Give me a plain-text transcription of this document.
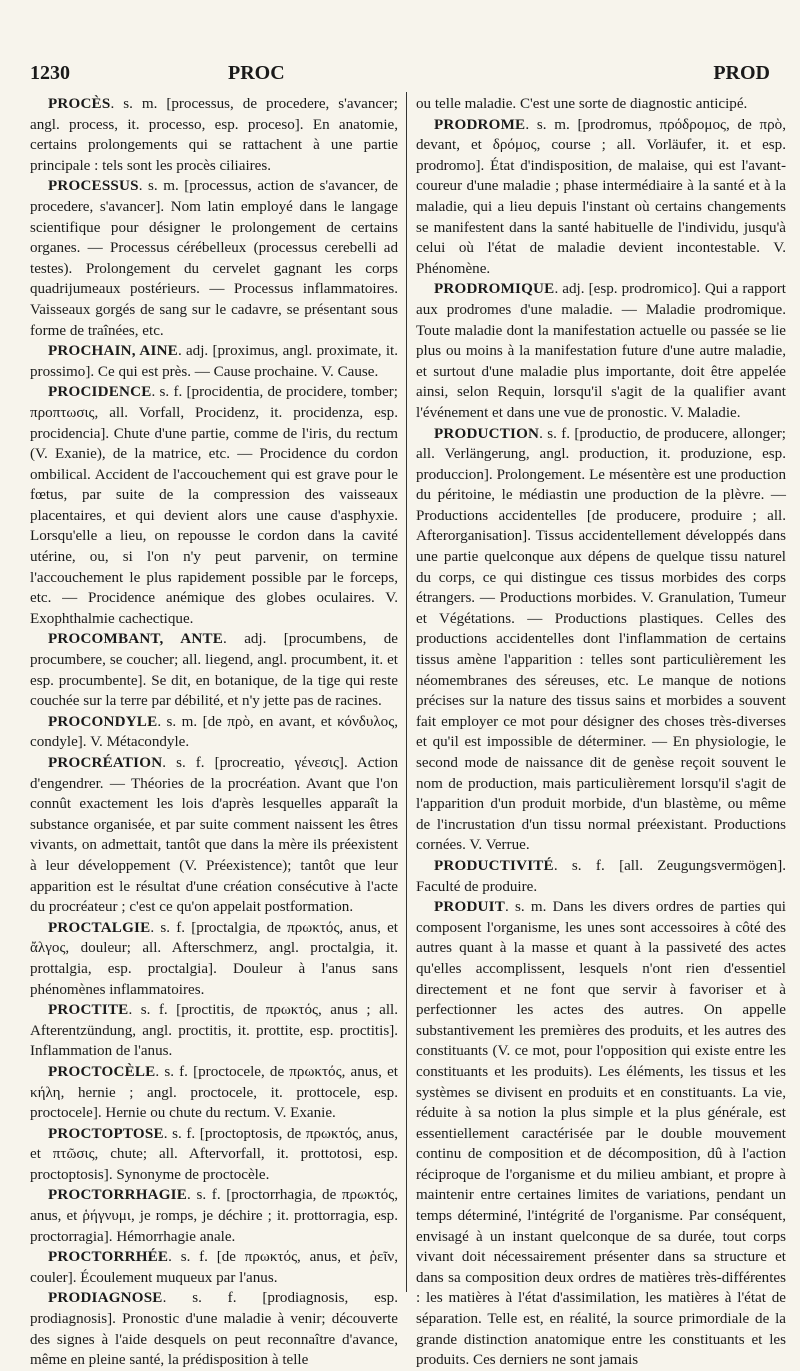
1230	PROC	PROD

PROCÈS. s. m. [processus, de procedere, s'avancer; angl. process, it. processo, esp. proceso]. En anatomie, certains prolongements qui se rattachent à une partie principale : tels sont les procès ciliaires.

PROCESSUS. s. m. [processus, action de s'avancer, de procedere, s'avancer]. Nom latin employé dans le langage scientifique pour désigner le prolongement de certains organes. — Processus cérébelleux (processus cerebelli ad testes). Prolongement du cervelet gagnant les corps quadrijumeaux postérieurs. — Processus inflammatoires. Vaisseaux gorgés de sang sur le cadavre, se présentant sous forme de traînées, etc.

PROCHAIN, AINE. adj. [proximus, angl. proximate, it. prossimo]. Ce qui est près. — Cause prochaine. V. Cause.

PROCIDENCE. s. f. [procidentia, de procidere, tomber; προπτωσις, all. Vorfall, Procidenz, it. procidenza, esp. procidencia]. Chute d'une partie, comme de l'iris, du rectum (V. Exanie), de la matrice, etc. — Procidence du cordon ombilical. Accident de l'accouchement qui est grave pour le fœtus, par suite de la compression des vaisseaux placentaires, et qui devient alors une cause d'asphyxie. Lorsqu'elle a lieu, on repousse le cordon dans la cavité utérine, ou, si l'on n'y peut parvenir, on termine l'accouchement le plus rapidement possible par le forceps, etc. — Procidence anémique des globes oculaires. V. Exophthalmie cachectique.

PROCOMBANT, ANTE. adj. [procumbens, de procumbere, se coucher; all. liegend, angl. procumbent, it. et esp. procumbente]. Se dit, en botanique, de la tige qui reste couchée sur la terre par débilité, et n'y jette pas de racines.

PROCONDYLE. s. m. [de πρὸ, en avant, et κόνδυλος, condyle]. V. Métacondyle.

PROCRÉATION. s. f. [procreatio, γένεσις]. Action d'engendrer. — Théories de la procréation. Avant que l'on connût exactement les lois d'après lesquelles apparaît la substance organisée, et par suite comment naissent les êtres vivants, on admettait, tantôt que dans la mère ils préexistent à leur développement (V. Préexistence); tantôt que leur apparition est le résultat d'une création consécutive à l'acte du procréateur ; c'est ce qu'on appelait postformation.

PROCTALGIE. s. f. [proctalgia, de πρωκτός, anus, et ἄλγος, douleur; all. Afterschmerz, angl. proctalgia, it. prottalgia, esp. proctalgia]. Douleur à l'anus sans phénomènes inflammatoires.

PROCTITE. s. f. [proctitis, de πρωκτός, anus ; all. Afterentzündung, angl. proctitis, it. prottite, esp. proctitis]. Inflammation de l'anus.

PROCTOCÈLE. s. f. [proctocele, de πρωκτός, anus, et κήλη, hernie ; angl. proctocele, it. prottocele, esp. proctocele]. Hernie ou chute du rectum. V. Exanie.

PROCTOPTOSE. s. f. [proctoptosis, de πρωκτός, anus, et πτῶσις, chute; all. Aftervorfall, it. prottotosi, esp. proctoptosis]. Synonyme de proctocèle.

PROCTORRHAGIE. s. f. [proctorrhagia, de πρωκτός, anus, et ῥήγνυμι, je romps, je déchire ; it. prottorragia, esp. proctorragia]. Hémorrhagie anale.

PROCTORRHÉE. s. f. [de πρωκτός, anus, et ῥεῖν, couler]. Écoulement muqueux par l'anus.

PRODIAGNOSE. s. f. [prodiagnosis, esp. prodiagnosis]. Pronostic d'une maladie à venir; découverte des signes à l'aide desquels on peut reconnaître d'avance, même en pleine santé, la prédisposition à telle

ou telle maladie. C'est une sorte de diagnostic anticipé.

PRODROME. s. m. [prodromus, πρόδρομος, de πρὸ, devant, et δρόμος, course ; all. Vorläufer, it. et esp. prodromo]. État d'indisposition, de malaise, qui est l'avant-coureur d'une maladie ; phase intermédiaire à la santé et à la maladie, qui a lieu depuis l'instant où certains changements se manifestent dans la santé habituelle de l'individu, jusqu'à celui où l'état de maladie devient incontestable. V. Phénomène.

PRODROMIQUE. adj. [esp. prodromico]. Qui a rapport aux prodromes d'une maladie. — Maladie prodromique. Toute maladie dont la manifestation actuelle ou passée se lie plus ou moins à la manifestation future d'une autre maladie, et surtout d'une maladie plus importante, doit être appelée ainsi, selon Requin, lorsqu'il s'agit de la qualifier avant l'événement et dans une vue de pronostic. V. Maladie.

PRODUCTION. s. f. [productio, de producere, allonger; all. Verlängerung, angl. production, it. produzione, esp. produccion]. Prolongement. Le mésentère est une production du péritoine, le médiastin une production de la plèvre. — Productions accidentelles [de producere, produire ; all. Afterorganisation]. Tissus accidentellement développés dans une partie quelconque aux dépens de quelque tissu naturel du corps, ce qui distingue ces tissus morbides des corps étrangers. — Productions morbides. V. Granulation, Tumeur et Végétations. — Productions plastiques. Celles des productions accidentelles dont l'inflammation de certains tissus amène l'apparition : telles sont particulièrement les néomembranes des séreuses, etc. Le manque de notions précises sur la nature des tissus sains et morbides a souvent fait employer ce mot pour désigner des choses très-diverses et qu'il est impossible de déterminer. — En physiologie, le second mode de naissance dit de genèse reçoit souvent le nom de production, mais particulièrement lorsqu'il s'agit de l'apparition d'un produit morbide, d'un blastème, ou même de l'incrustation d'un tissu normal préexistant. Productions cornées. V. Verrue.

PRODUCTIVITÉ. s. f. [all. Zeugungsvermögen]. Faculté de produire.

PRODUIT. s. m. Dans les divers ordres de parties qui composent l'organisme, les unes sont accessoires à côté des autres quant à la masse et quant à la passiveté des actes qu'elles accomplissent, lesquels n'ont rien d'essentiel directement et ne font que servir à favoriser et à perfectionner les actes des autres. On appelle substantivement les premières des produits, et les autres des constituants (V. ce mot, pour l'opposition qui existe entre les constituants et les produits). Les éléments, les tissus et les systèmes se divisent en produits et en constituants. La vie, réduite à sa notion la plus simple et la plus générale, est essentiellement caractérisée par le double mouvement continu de composition et de décomposition, dû à l'action réciproque de l'organisme et du milieu ambiant, et propre à maintenir entre certaines limites de variations, pendant un temps déterminé, l'intégrité de l'organisme. Par conséquent, envisagé à un instant quelconque de sa durée, tout corps vivant doit nécessairement présenter dans sa structure et dans sa composition deux ordres de matières très-différentes : les matières à l'état d'assimilation, les matières à l'état de séparation. Telle est, en réalité, la source primordiale de la grande distinction anatomique entre les constituants et les produits. Ces derniers ne sont jamais
